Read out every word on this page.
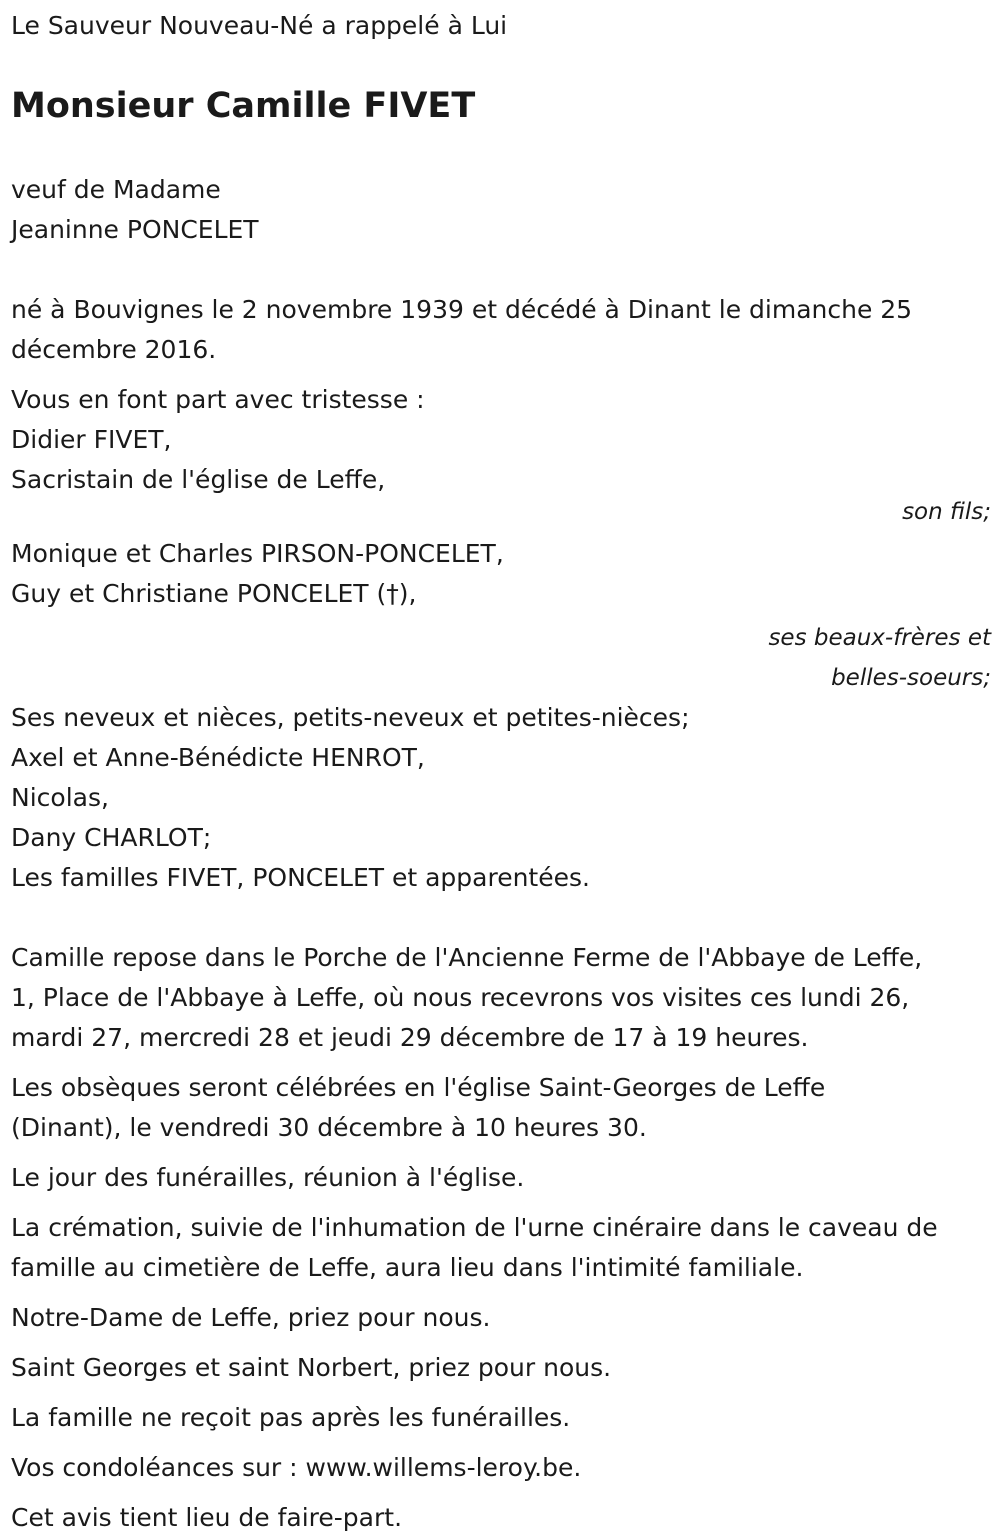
Le Sauveur Nouveau-Né a rappelé à Lui
Monsieur Camille FIVET
veuf de Madame
Jeaninne PONCELET
né à Bouvignes le 2 novembre 1939 et décédé à Dinant le dimanche 25
décembre 2016.
Vous en font part avec tristesse :
Didier FIVET,
Sacristain de l'église de Leffe,
son fils;
Monique et Charles PIRSON-PONCELET,
Guy et Christiane PONCELET (†),
ses beaux-frères et
belles-soeurs;
Ses neveux et nièces, petits-neveux et petites-nièces;
Axel et Anne-Bénédicte HENROT,
Nicolas,
Dany CHARLOT;
Les familles FIVET, PONCELET et apparentées.
Camille repose dans le Porche de l'Ancienne Ferme de l'Abbaye de Leffe,
1, Place de l'Abbaye à Leffe, où nous recevrons vos visites ces lundi 26,
mardi 27, mercredi 28 et jeudi 29 décembre de 17 à 19 heures.
Les obsèques seront célébrées en l'église Saint-Georges de Leffe
(Dinant), le vendredi 30 décembre à 10 heures 30.
Le jour des funérailles, réunion à l'église.
La crémation, suivie de l'inhumation de l'urne cinéraire dans le caveau de
famille au cimetière de Leffe, aura lieu dans l'intimité familiale.
Notre-Dame de Leffe, priez pour nous.
Saint Georges et saint Norbert, priez pour nous.
La famille ne reçoit pas après les funérailles.
Vos condoléances sur : www.willems-leroy.be.
Cet avis tient lieu de faire-part.
